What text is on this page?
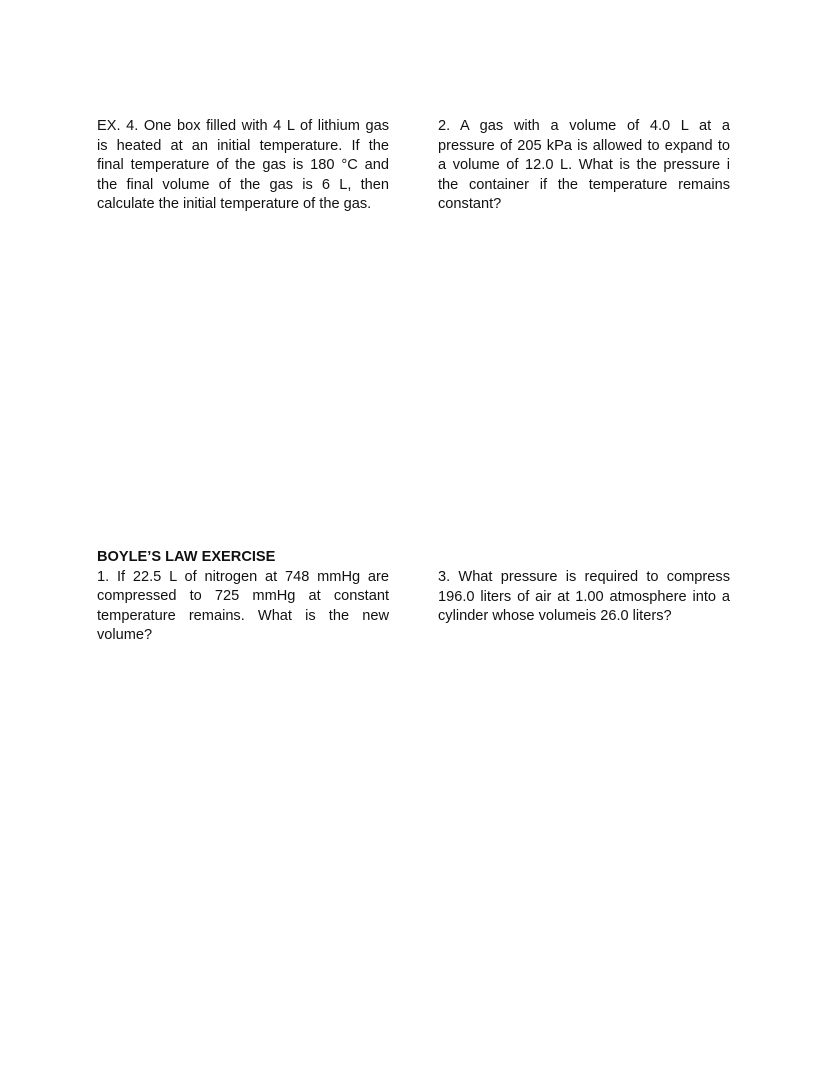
EX. 4. One box filled with 4 L of lithium gas
is heated at an initial temperature. If the
final temperature of the gas is 180 °C and
the final volume of the gas is 6 L, then
calculate the initial temperature of the gas.
2. A gas with a volume of 4.0 L at a
pressure of 205 kPa is allowed to expand to
a volume of 12.0 L. What is the pressure i
the container if the temperature remains
constant?
BOYLE’S LAW EXERCISE
1. If 22.5 L of nitrogen at 748 mmHg are
compressed to 725 mmHg at constant
temperature remains. What is the new
volume?
3. What pressure is required to compress
196.0 liters of air at 1.00 atmosphere into a
cylinder whose volumeis 26.0 liters?
